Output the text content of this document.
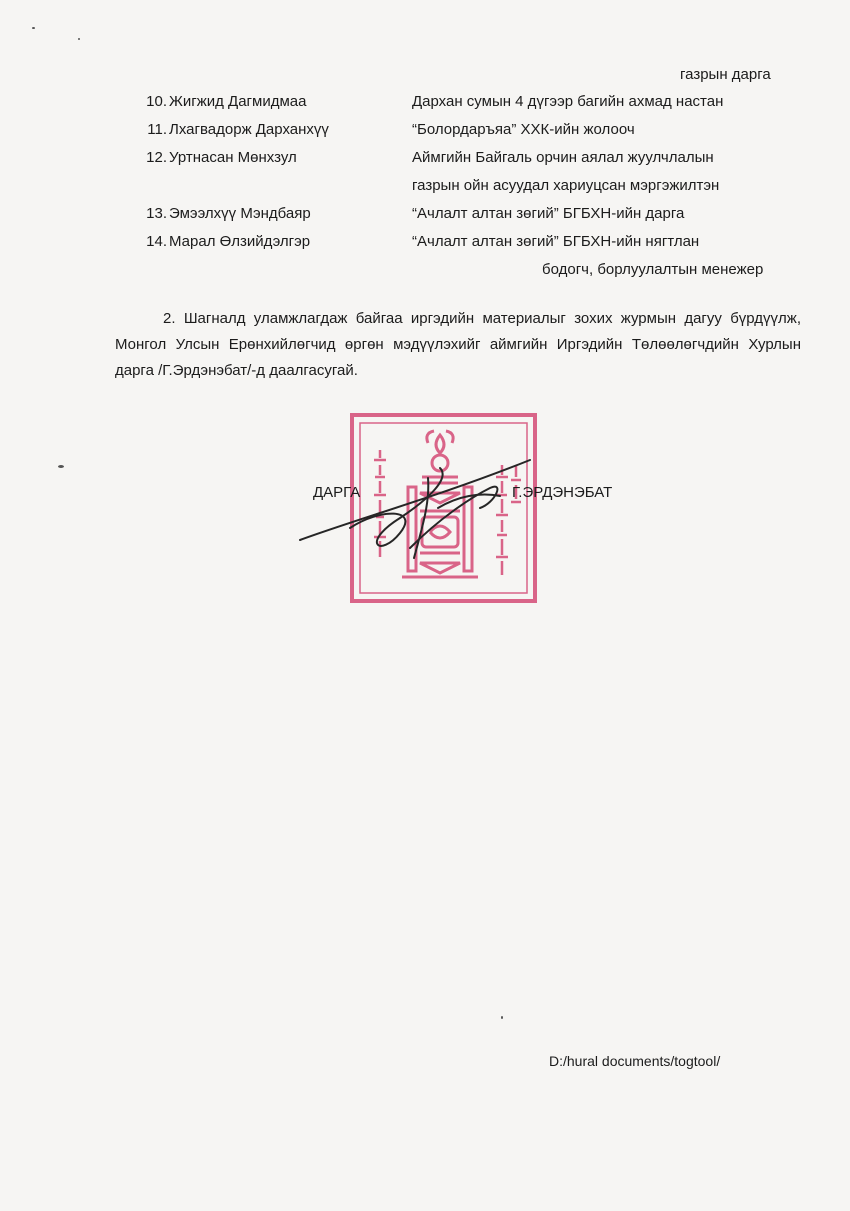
газрын дарга
10. Жигжид Дагмидмаа	Дархан сумын 4 дүгээр багийн ахмад настан
11. Лхагвадорж Дарханхүү	“Болордаръяа” ХХК-ийн жолооч
12. Уртнасан Мөнхзул	Аймгийн Байгаль орчин аялал жуулчлалын
газрын ойн асуудал хариуцсан мэргэжилтэн
13. Эмээлхүү Мэндбаяр	“Ачлалт алтан зөгий” БГБХН-ийн дарга
14. Марал Өлзийдэлгэр	“Ачлалт алтан зөгий” БГБХН-ийн нягтлан
бодогч, борлуулалтын менежер
2. Шагналд уламжлагдаж байгаа иргэдийн материалыг зохих журмын дагуу бүрдүүлж, Монгол Улсын Ерөнхийлөгчид өргөн мэдүүлэхийг аймгийн Иргэдийн Төлөөлөгчдийн Хурлын дарга /Г.Эрдэнэбат/-д даалгасугай.
ДАРГА	Г.ЭРДЭНЭБАТ
D:/hural documents/togtool/
